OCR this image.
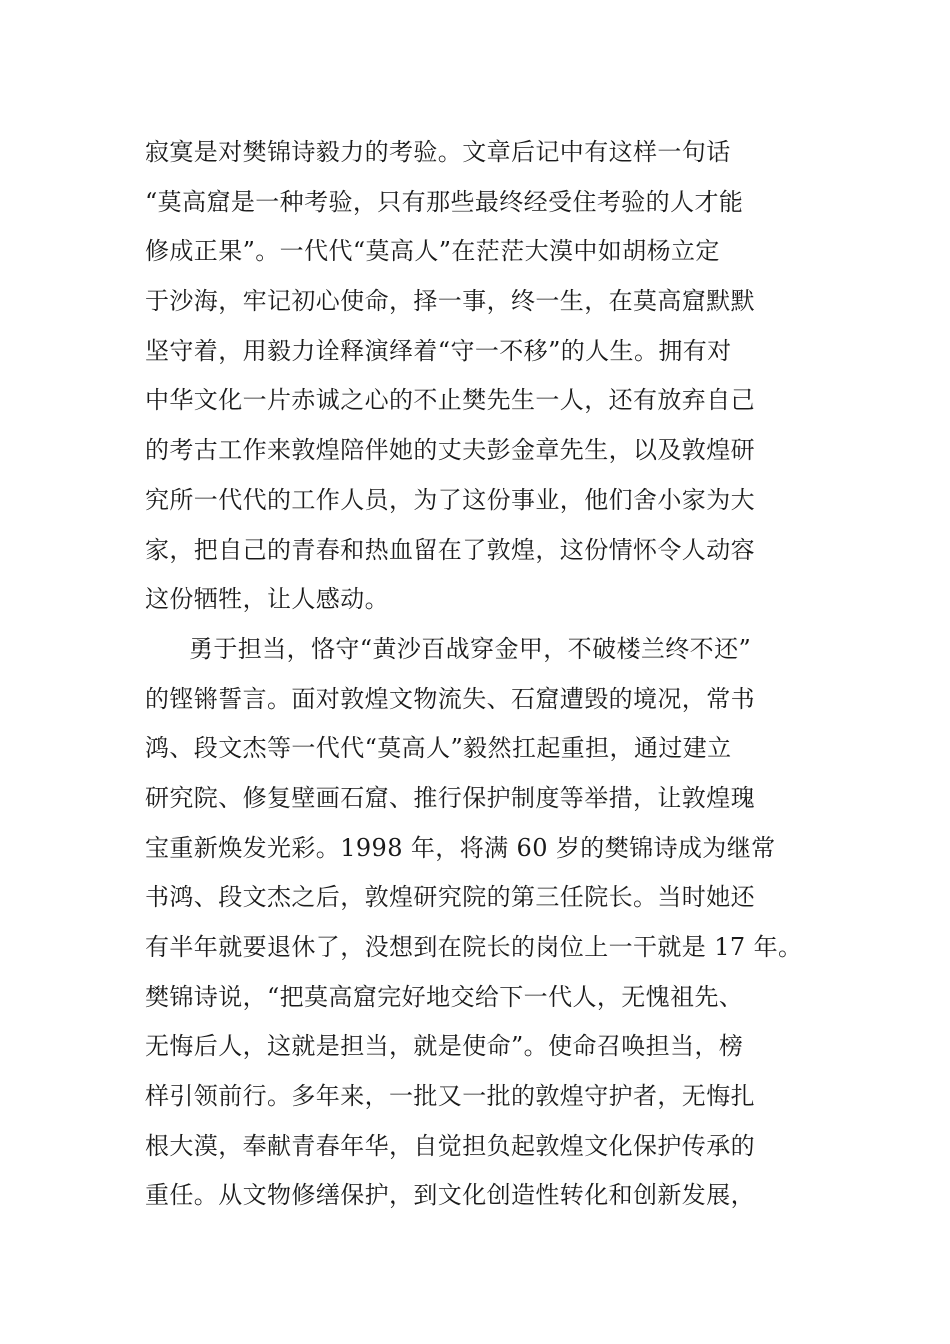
寂寞是对樊锦诗毅力的考验。文章后记中有这样一句话
“莫高窟是一种考验，只有那些最终经受住考验的人才能
修成正果”。一代代“莫高人”在茫茫大漠中如胡杨立定
于沙海，牢记初心使命，择一事，终一生，在莫高窟默默
坚守着，用毅力诠释演绎着“守一不移”的人生。拥有对
中华文化一片赤诚之心的不止樊先生一人，还有放弃自己
的考古工作来敦煌陪伴她的丈夫彭金章先生，以及敦煌研
究所一代代的工作人员，为了这份事业，他们舍小家为大
家，把自己的青春和热血留在了敦煌，这份情怀令人动容
这份牺牲，让人感动。
勇于担当，恪守“黄沙百战穿金甲，不破楼兰终不还”
的铿锵誓言。面对敦煌文物流失、石窟遭毁的境况，常书
鸿、段文杰等一代代“莫高人”毅然扛起重担，通过建立
研究院、修复壁画石窟、推行保护制度等举措，让敦煌瑰
宝重新焕发光彩。1998 年，将满 60 岁的樊锦诗成为继常
书鸿、段文杰之后，敦煌研究院的第三任院长。当时她还
有半年就要退休了，没想到在院长的岗位上一干就是 17 年。
樊锦诗说，“把莫高窟完好地交给下一代人，无愧祖先、
无悔后人，这就是担当，就是使命”。使命召唤担当，榜
样引领前行。多年来，一批又一批的敦煌守护者，无悔扎
根大漠，奉献青春年华，自觉担负起敦煌文化保护传承的
重任。从文物修缮保护，到文化创造性转化和创新发展，
